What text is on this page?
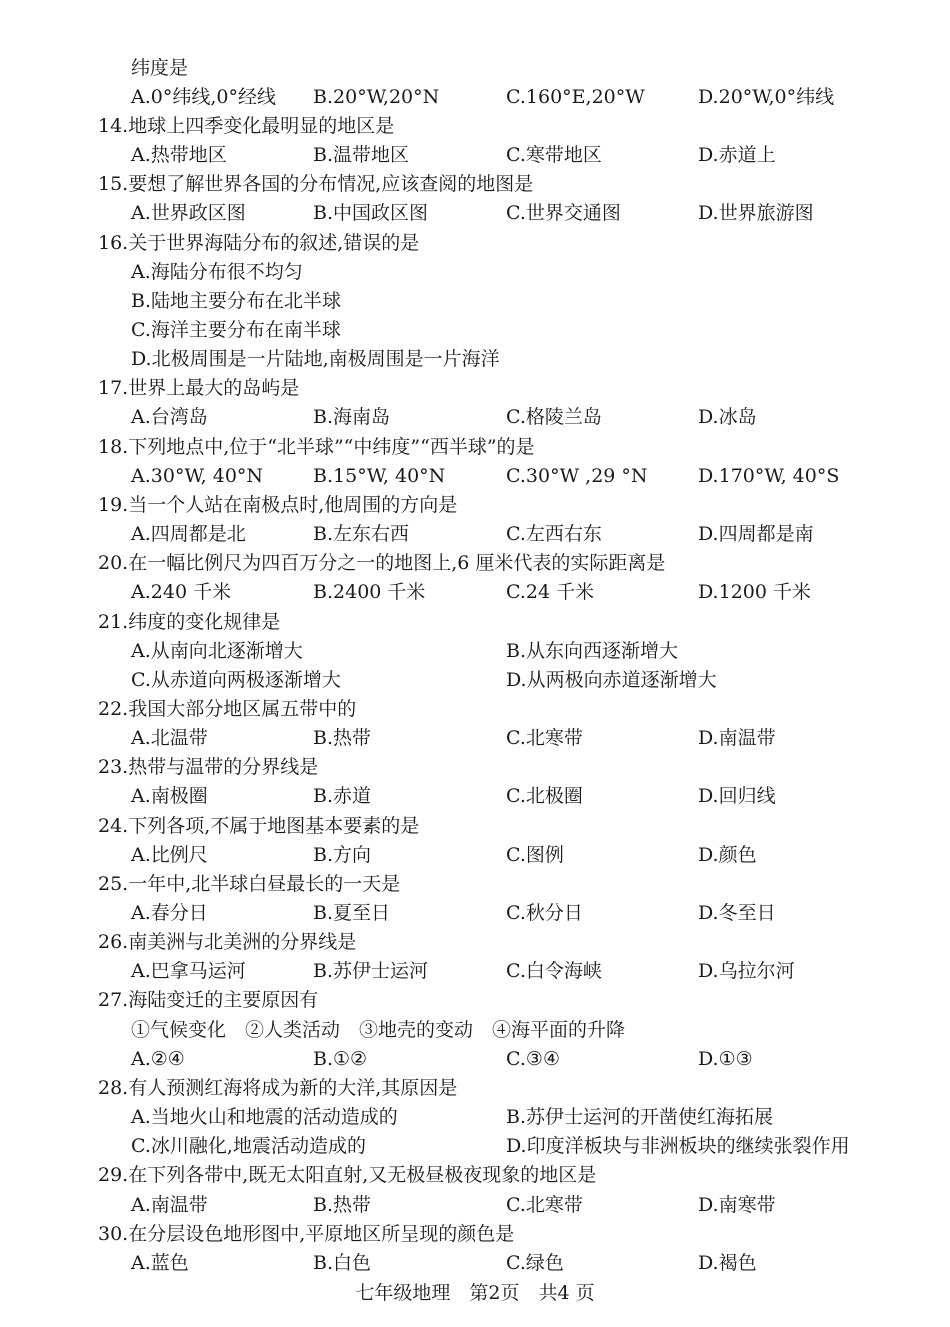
纬度是
A.0°纬线,0°经线 B.20°W,20°N	C.160°E,20°W	D.20°W,0°纬线
14.地球上四季变化最明显的地区是
A.热带地区	B.温带地区	C.寒带地区	D.赤道上
15.要想了解世界各国的分布情况,应该查阅的地图是
A.世界政区图	B.中国政区图	C.世界交通图	D.世界旅游图
16.关于世界海陆分布的叙述,错误的是
A.海陆分布很不均匀
B.陆地主要分布在北半球
C.海洋主要分布在南半球
D.北极周围是一片陆地,南极周围是一片海洋
17.世界上最大的岛屿是
A.台湾岛	B.海南岛	C.格陵兰岛	D.冰岛
18.下列地点中,位于“北半球”“中纬度”“西半球”的是
A.30°W, 40°N	B.15°W, 40°N	C.30°W ,29 °N	D.170°W, 40°S
19.当一个人站在南极点时,他周围的方向是
A.四周都是北	B.左东右西	C.左西右东	D.四周都是南
20.在一幅比例尺为四百万分之一的地图上,6 厘米代表的实际距离是
A.240 千米	B.2400 千米	C.24 千米	D.1200 千米
21.纬度的变化规律是
A.从南向北逐渐增大	B.从东向西逐渐增大
C.从赤道向两极逐渐增大	D.从两极向赤道逐渐增大
22.我国大部分地区属五带中的
A.北温带	B.热带	C.北寒带	D.南温带
23.热带与温带的分界线是
A.南极圈	B.赤道	C.北极圈	D.回归线
24.下列各项,不属于地图基本要素的是
A.比例尺	B.方向	C.图例	D.颜色
25.一年中,北半球白昼最长的一天是
A.春分日	B.夏至日	C.秋分日	D.冬至日
26.南美洲与北美洲的分界线是
A.巴拿马运河	B.苏伊士运河	C.白令海峡	D.乌拉尔河
27.海陆变迁的主要原因有
①气候变化　②人类活动　③地壳的变动　④海平面的升降
A.②④	B.①②	C.③④	D.①③
28.有人预测红海将成为新的大洋,其原因是
A.当地火山和地震的活动造成的	B.苏伊士运河的开凿使红海拓展
C.冰川融化,地震活动造成的	D.印度洋板块与非洲板块的继续张裂作用
29.在下列各带中,既无太阳直射,又无极昼极夜现象的地区是
A.南温带	B.热带	C.北寒带	D.南寒带
30.在分层设色地形图中,平原地区所呈现的颜色是
A.蓝色	B.白色	C.绿色	D.褐色
七年级地理　第2页　共4 页
